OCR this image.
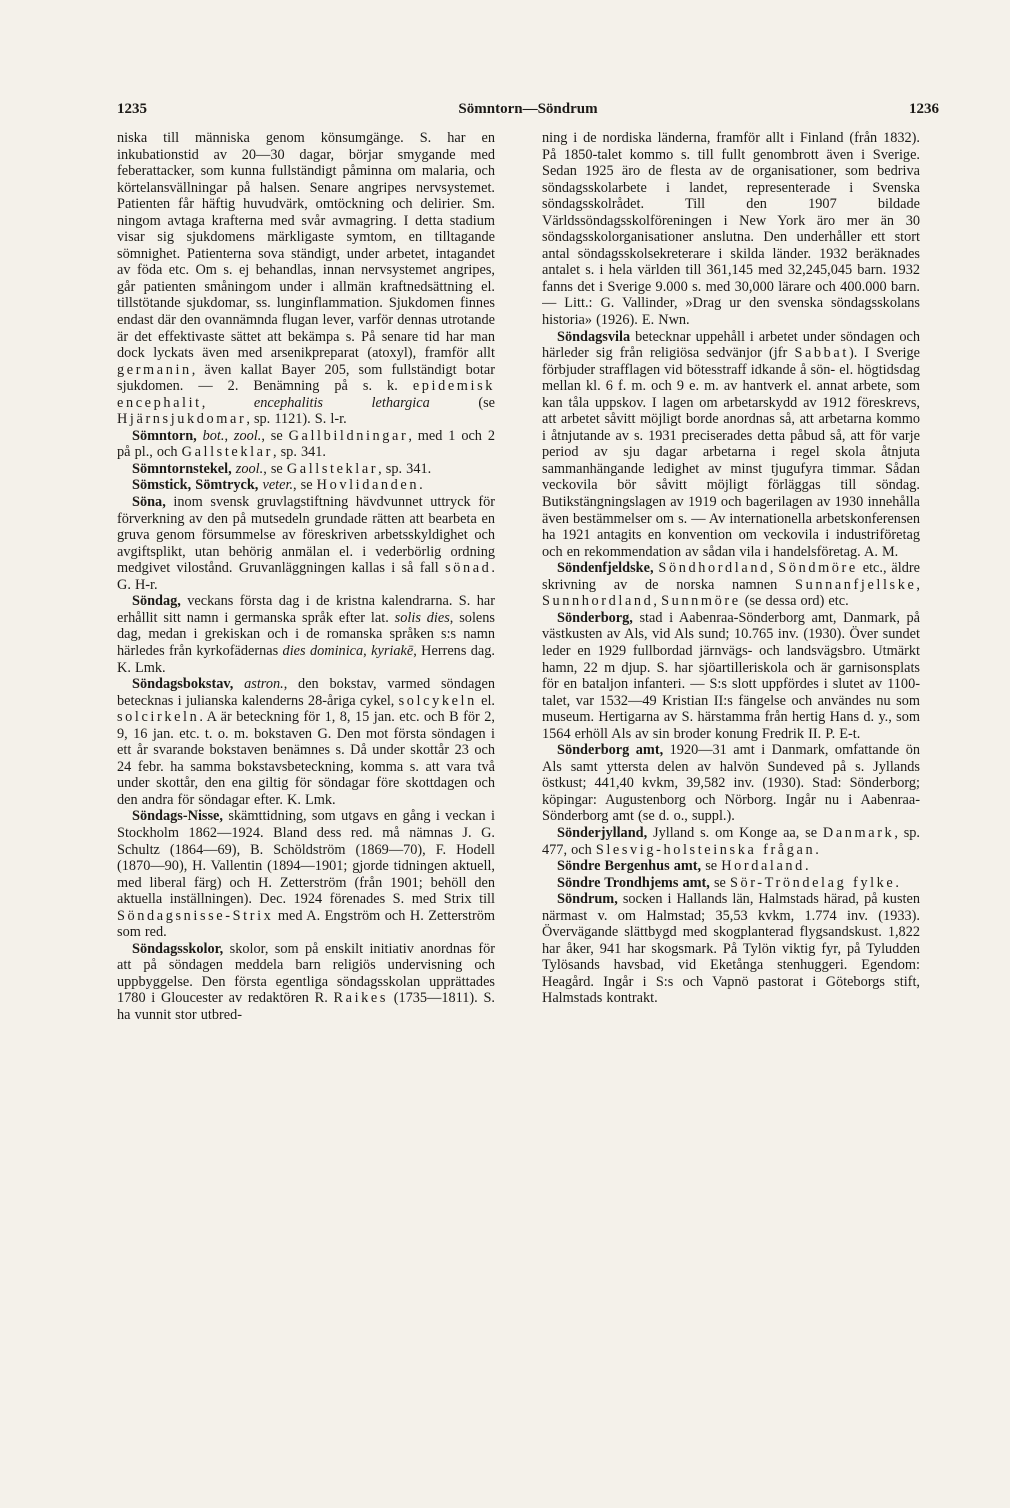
1235	Sömntorn—Söndrum	1236

niska till människa genom könsumgänge. S. har en inkubationstid av 20—30 dagar, börjar smygande med feberattacker, som kunna fullständigt påminna om malaria, och körtelansvällningar på halsen. Senare angripes nervsystemet. Patienten får häftig huvudvärk, omtöckning och delirier. Sm. ningom avtaga krafterna med svår avmagring. I detta stadium visar sig sjukdomens märkligaste symtom, en tilltagande sömnighet. Patienterna sova ständigt, under arbetet, intagandet av föda etc. Om s. ej behandlas, innan nervsystemet angripes, går patienten småningom under i allmän kraftnedsättning el. tillstötande sjukdomar, ss. lunginflammation. Sjukdomen finnes endast där den ovannämnda flugan lever, varför dennas utrotande är det effektivaste sättet att bekämpa s. På senare tid har man dock lyckats även med arsenikpreparat (atoxyl), framför allt germanin, även kallat Bayer 205, som fullständigt botar sjukdomen. — 2. Benämning på s. k. epidemisk encephalit, encephalitis lethargica (se Hjärnsjukdomar, sp. 1121). S. l-r.

Sömntorn, bot., zool., se Gallbildningar, med 1 och 2 på pl., och Gallsteklar, sp. 341.

Sömntornstekel, zool., se Gallsteklar, sp. 341.

Sömstick, Sömtryck, veter., se Hovlidanden.

Söna, inom svensk gruvlagstiftning hävdvunnet uttryck för förverkning av den på mutsedeln grundade rätten att bearbeta en gruva genom försummelse av föreskriven arbetsskyldighet och avgiftsplikt, utan behörig anmälan el. i vederbörlig ordning medgivet vilostånd. Gruvanläggningen kallas i så fall sönad. G. H-r.

Söndag, veckans första dag i de kristna kalendrarna. S. har erhållit sitt namn i germanska språk efter lat. solis dies, solens dag, medan i grekiskan och i de romanska språken s:s namn härledes från kyrkofädernas dies dominica, kyriakē, Herrens dag. K. Lmk.

Söndagsbokstav, astron., den bokstav, varmed söndagen betecknas i julianska kalenderns 28-åriga cykel, solcykeln el. solcirkeln. A är beteckning för 1, 8, 15 jan. etc. och B för 2, 9, 16 jan. etc. t. o. m. bokstaven G. Den mot första söndagen i ett år svarande bokstaven benämnes s. Då under skottår 23 och 24 febr. ha samma bokstavsbeteckning, komma s. att vara två under skottår, den ena giltig för söndagar före skottdagen och den andra för söndagar efter. K. Lmk.

Söndags-Nisse, skämttidning, som utgavs en gång i veckan i Stockholm 1862—1924. Bland dess red. må nämnas J. G. Schultz (1864—69), B. Schöldström (1869—70), F. Hodell (1870—90), H. Vallentin (1894—1901; gjorde tidningen aktuell, med liberal färg) och H. Zetterström (från 1901; behöll den aktuella inställningen). Dec. 1924 förenades S. med Strix till Söndagsnisse-Strix med A. Engström och H. Zetterström som red.

Söndagsskolor, skolor, som på enskilt initiativ anordnas för att på söndagen meddela barn religiös undervisning och uppbyggelse. Den första egentliga söndagsskolan upprättades 1780 i Gloucester av redaktören R. Raikes (1735—1811). S. ha vunnit stor utbred-

ning i de nordiska länderna, framför allt i Finland (från 1832). På 1850-talet kommo s. till fullt genombrott även i Sverige. Sedan 1925 äro de flesta av de organisationer, som bedriva söndagsskolarbete i landet, representerade i Svenska söndagsskolrådet. Till den 1907 bildade Världssöndagsskolföreningen i New York äro mer än 30 söndagsskolorganisationer anslutna. Den underhåller ett stort antal söndagsskolsekreterare i skilda länder. 1932 beräknades antalet s. i hela världen till 361,145 med 32,245,045 barn. 1932 fanns det i Sverige 9.000 s. med 30,000 lärare och 400.000 barn. — Litt.: G. Vallinder, »Drag ur den svenska söndagsskolans historia» (1926). E. Nwn.

Söndagsvila betecknar uppehåll i arbetet under söndagen och härleder sig från religiösa sedvänjor (jfr Sabbat). I Sverige förbjuder strafflagen vid bötesstraff idkande å sön- el. högtidsdag mellan kl. 6 f. m. och 9 e. m. av hantverk el. annat arbete, som kan tåla uppskov. I lagen om arbetarskydd av 1912 föreskrevs, att arbetet såvitt möjligt borde anordnas så, att arbetarna kommo i åtnjutande av s. 1931 preciserades detta påbud så, att för varje period av sju dagar arbetarna i regel skola åtnjuta sammanhängande ledighet av minst tjugufyra timmar. Sådan veckovila bör såvitt möjligt förläggas till söndag. Butikstängningslagen av 1919 och bagerilagen av 1930 innehålla även bestämmelser om s. — Av internationella arbetskonferensen ha 1921 antagits en konvention om veckovila i industriföretag och en rekommendation av sådan vila i handelsföretag. A. M.

Söndenfjeldske, Söndhordland, Söndmöre etc., äldre skrivning av de norska namnen Sunnanfjellske, Sunnhordland, Sunnmöre (se dessa ord) etc.

Sönderborg, stad i Aabenraa-Sönderborg amt, Danmark, på västkusten av Als, vid Als sund; 10.765 inv. (1930). Över sundet leder en 1929 fullbordad järnvägs- och landsvägsbro. Utmärkt hamn, 22 m djup. S. har sjöartilleriskola och är garnisonsplats för en bataljon infanteri. — S:s slott uppfördes i slutet av 1100-talet, var 1532—49 Kristian II:s fängelse och användes nu som museum. Hertigarna av S. härstamma från hertig Hans d. y., som 1564 erhöll Als av sin broder konung Fredrik II. P. E-t.

Sönderborg amt, 1920—31 amt i Danmark, omfattande ön Als samt yttersta delen av halvön Sundeved på s. Jyllands östkust; 441,40 kvkm, 39,582 inv. (1930). Stad: Sönderborg; köpingar: Augustenborg och Nörborg. Ingår nu i Aabenraa-Sönderborg amt (se d. o., suppl.).

Sönderjylland, Jylland s. om Konge aa, se Danmark, sp. 477, och Slesvig-holsteinska frågan.

Söndre Bergenhus amt, se Hordaland.

Söndre Trondhjems amt, se Sör-Tröndelag fylke.

Söndrum, socken i Hallands län, Halmstads härad, på kusten närmast v. om Halmstad; 35,53 kvkm, 1.774 inv. (1933). Övervägande slättbygd med skogplanterad flygsandskust. 1,822 har åker, 941 har skogsmark. På Tylön viktig fyr, på Tyludden Tylösands havsbad, vid Eketånga stenhuggeri. Egendom: Heagård. Ingår i S:s och Vapnö pastorat i Göteborgs stift, Halmstads kontrakt.
